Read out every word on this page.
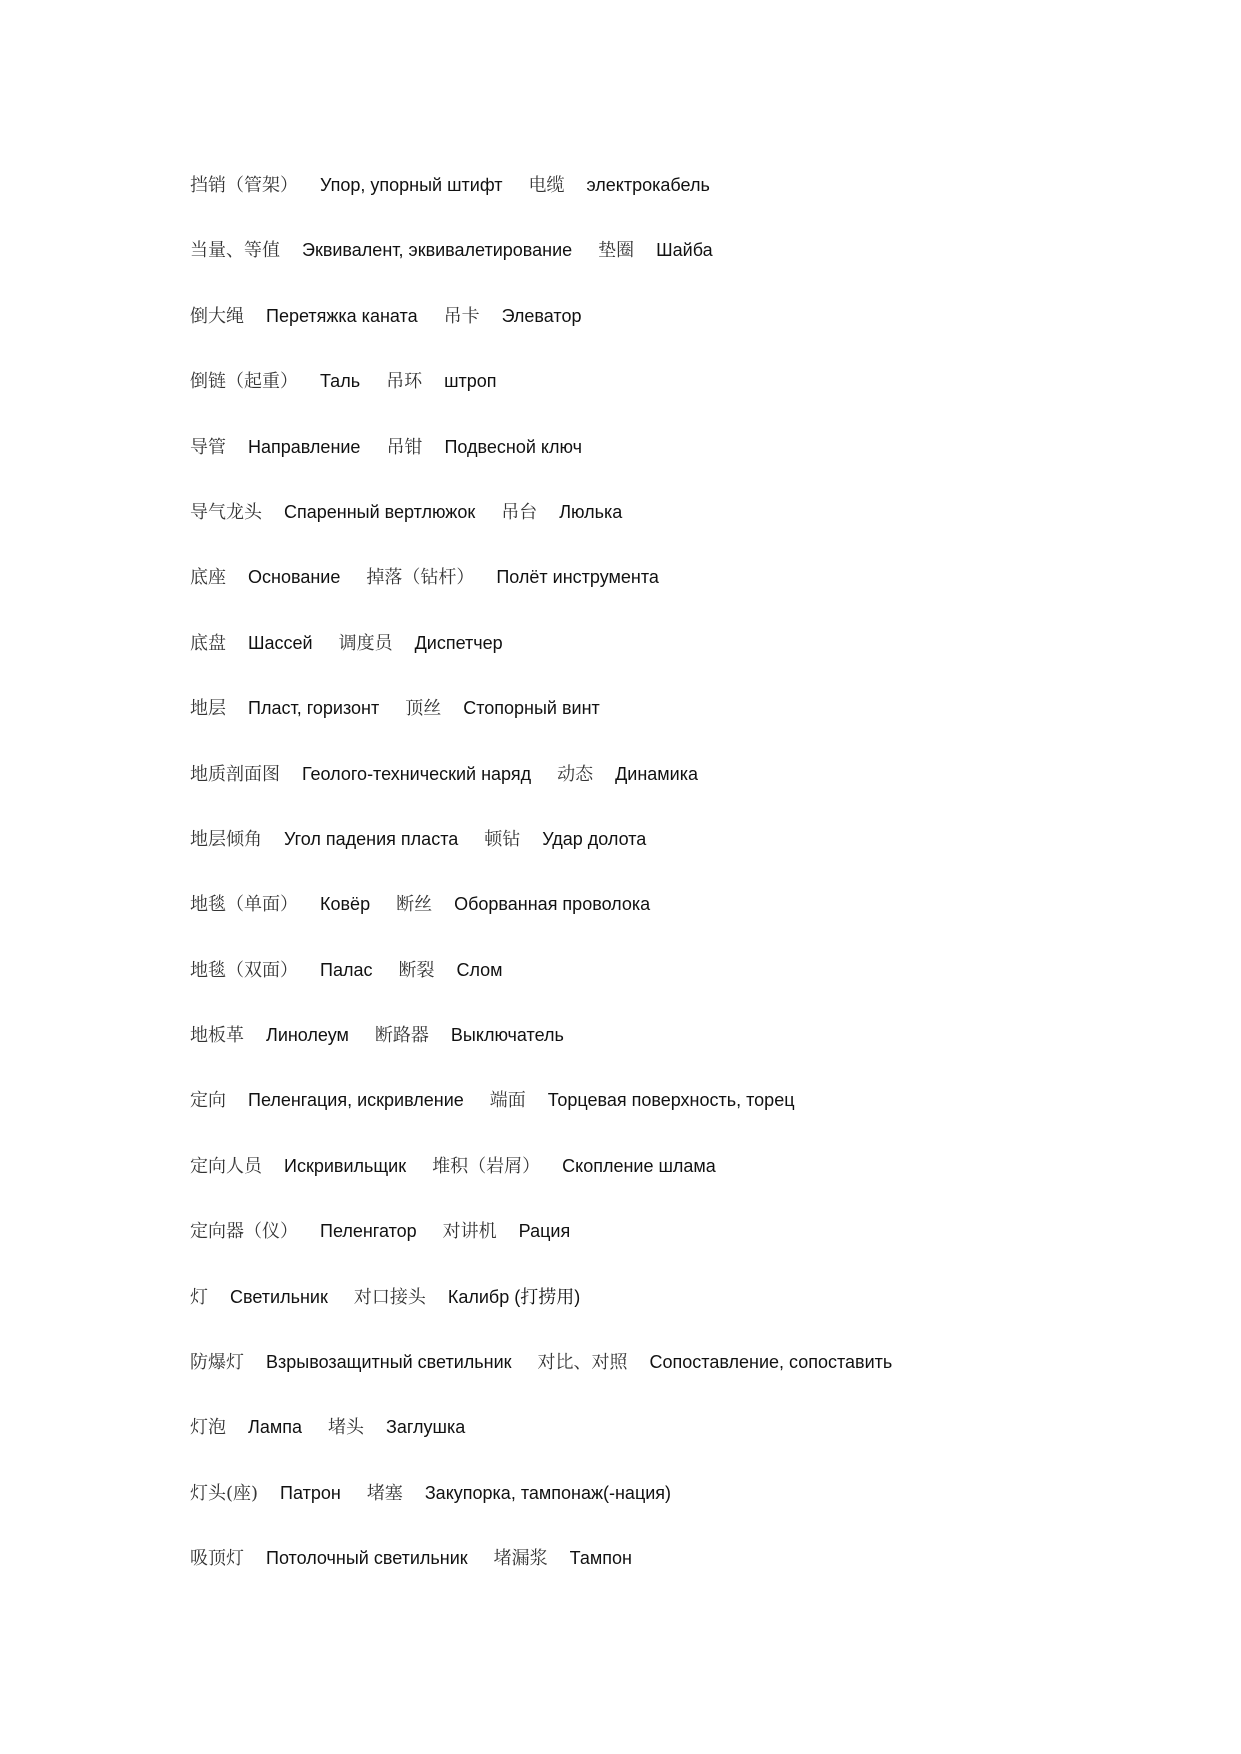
挡销（管架） Упор, упорный штифт 电缆 электрокабель
当量、等值 Эквивалент, эквивалетирование 垫圈 Шайба
倒大绳 Перетяжка каната 吊卡 Элеватор
倒链（起重） Таль 吊环 штроп
导管 Направление 吊钳 Подвесной ключ
导气龙头 Спаренный вертлюжок 吊台 Люлька
底座 Основание 掉落（钻杆） Полёт инструмента
底盘 Шассей 调度员 Диспетчер
地层 Пласт, горизонт 顶丝 Стопорный винт
地质剖面图 Геолого-технический наряд 动态 Динамика
地层倾角 Угол падения пласта 顿钻 Удар долота
地毯（单面） Ковёр 断丝 Оборванная проволока
地毯（双面） Палас 断裂 Слом
地板革 Линолеум 断路器 Выключатель
定向 Пеленгация, искривление 端面 Торцевая поверхность, торец
定向人员 Искривильщик 堆积（岩屑） Скопление шлама
定向器（仪） Пеленгатор 对讲机 Рация
灯 Светильник 对口接头 Калибр (打捞用)
防爆灯 Взрывозащитный светильник 对比、对照 Сопоставление, сопоставить
灯泡 Лампа 堵头 Заглушка
灯头(座) Патрон 堵塞 Закупорка, тампонаж(-нация)
吸顶灯 Потолочный светильник 堵漏浆 Тампон
